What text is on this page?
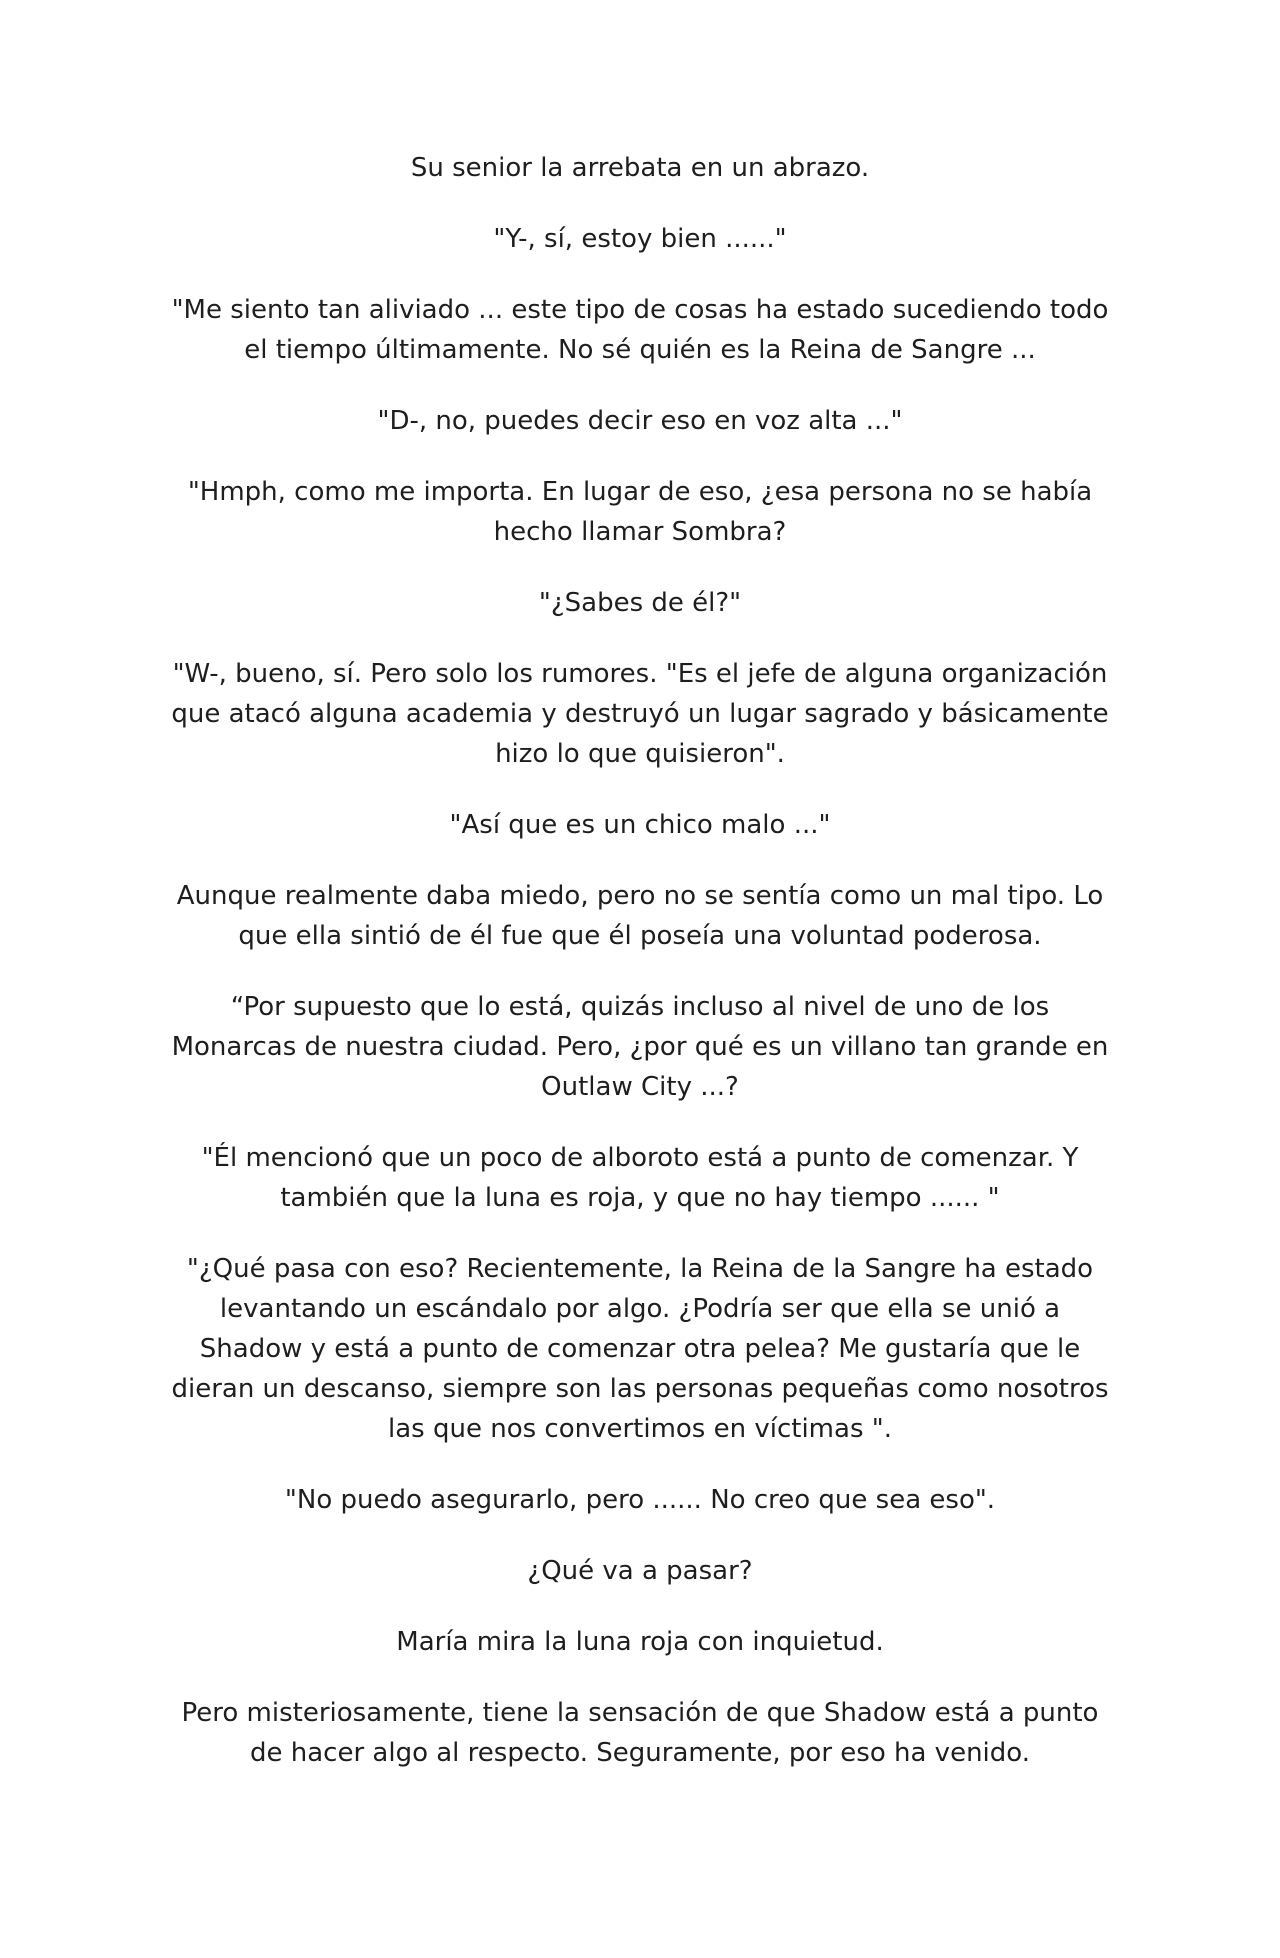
Su senior la arrebata en un abrazo.

"Y-, sí, estoy bien ......"

"Me siento tan aliviado ... este tipo de cosas ha estado sucediendo todo el tiempo últimamente. No sé quién es la Reina de Sangre ...

"D-, no, puedes decir eso en voz alta ..."

"Hmph, como me importa. En lugar de eso, ¿esa persona no se había hecho llamar Sombra?

"¿Sabes de él?"

"W-, bueno, sí. Pero solo los rumores. "Es el jefe de alguna organización que atacó alguna academia y destruyó un lugar sagrado y básicamente hizo lo que quisieron".

"Así que es un chico malo ..."

Aunque realmente daba miedo, pero no se sentía como un mal tipo. Lo que ella sintió de él fue que él poseía una voluntad poderosa.

“Por supuesto que lo está, quizás incluso al nivel de uno de los Monarcas de nuestra ciudad. Pero, ¿por qué es un villano tan grande en Outlaw City ...?

"Él mencionó que un poco de alboroto está a punto de comenzar. Y también que la luna es roja, y que no hay tiempo ...... "

"¿Qué pasa con eso? Recientemente, la Reina de la Sangre ha estado levantando un escándalo por algo. ¿Podría ser que ella se unió a Shadow y está a punto de comenzar otra pelea? Me gustaría que le dieran un descanso, siempre son las personas pequeñas como nosotros las que nos convertimos en víctimas ".

"No puedo asegurarlo, pero ...... No creo que sea eso".

¿Qué va a pasar?

María mira la luna roja con inquietud.

Pero misteriosamente, tiene la sensación de que Shadow está a punto de hacer algo al respecto. Seguramente, por eso ha venido.
